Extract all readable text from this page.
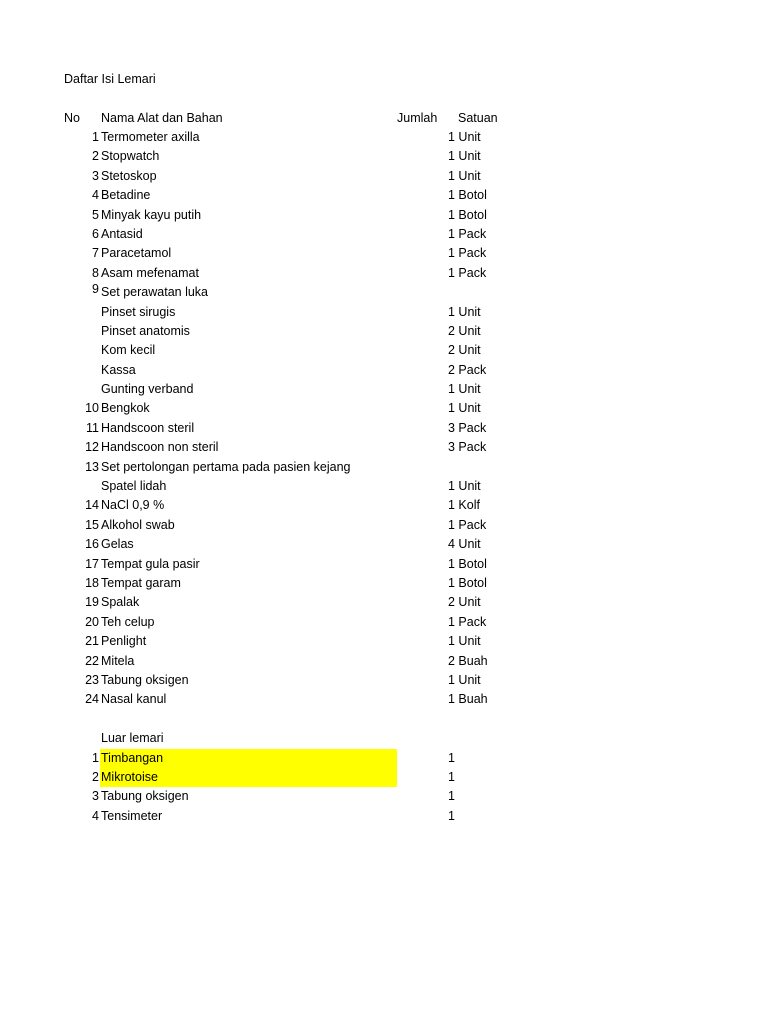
Daftar Isi Lemari
No Nama Alat dan Bahan	Jumlah Satuan
1 Termometer axilla	1 Unit
2 Stopwatch	1 Unit
3 Stetoskop	1 Unit
4 Betadine	1 Botol
5 Minyak kayu putih	1 Botol
6 Antasid	1 Pack
7 Paracetamol	1 Pack
8 Asam mefenamat	1 Pack
9 Set perawatan luka
Pinset sirugis	1 Unit
Pinset anatomis	2 Unit
Kom kecil	2 Unit
Kassa	2 Pack
Gunting verband	1 Unit
10 Bengkok	1 Unit
11 Handscoon steril	3 Pack
12 Handscoon non steril	3 Pack
13 Set pertolongan pertama pada pasien kejang
Spatel lidah	1 Unit
14 NaCl 0,9 %	1 Kolf
15 Alkohol swab	1 Pack
16 Gelas	4 Unit
17 Tempat gula pasir	1 Botol
18 Tempat garam	1 Botol
19 Spalak	2 Unit
20 Teh celup	1 Pack
21 Penlight	1 Unit
22 Mitela	2 Buah
23 Tabung oksigen	1 Unit
24 Nasal kanul	1 Buah
Luar lemari
1 Timbangan	1
2 Mikrotoise	1
3 Tabung oksigen	1
4 Tensimeter	1
